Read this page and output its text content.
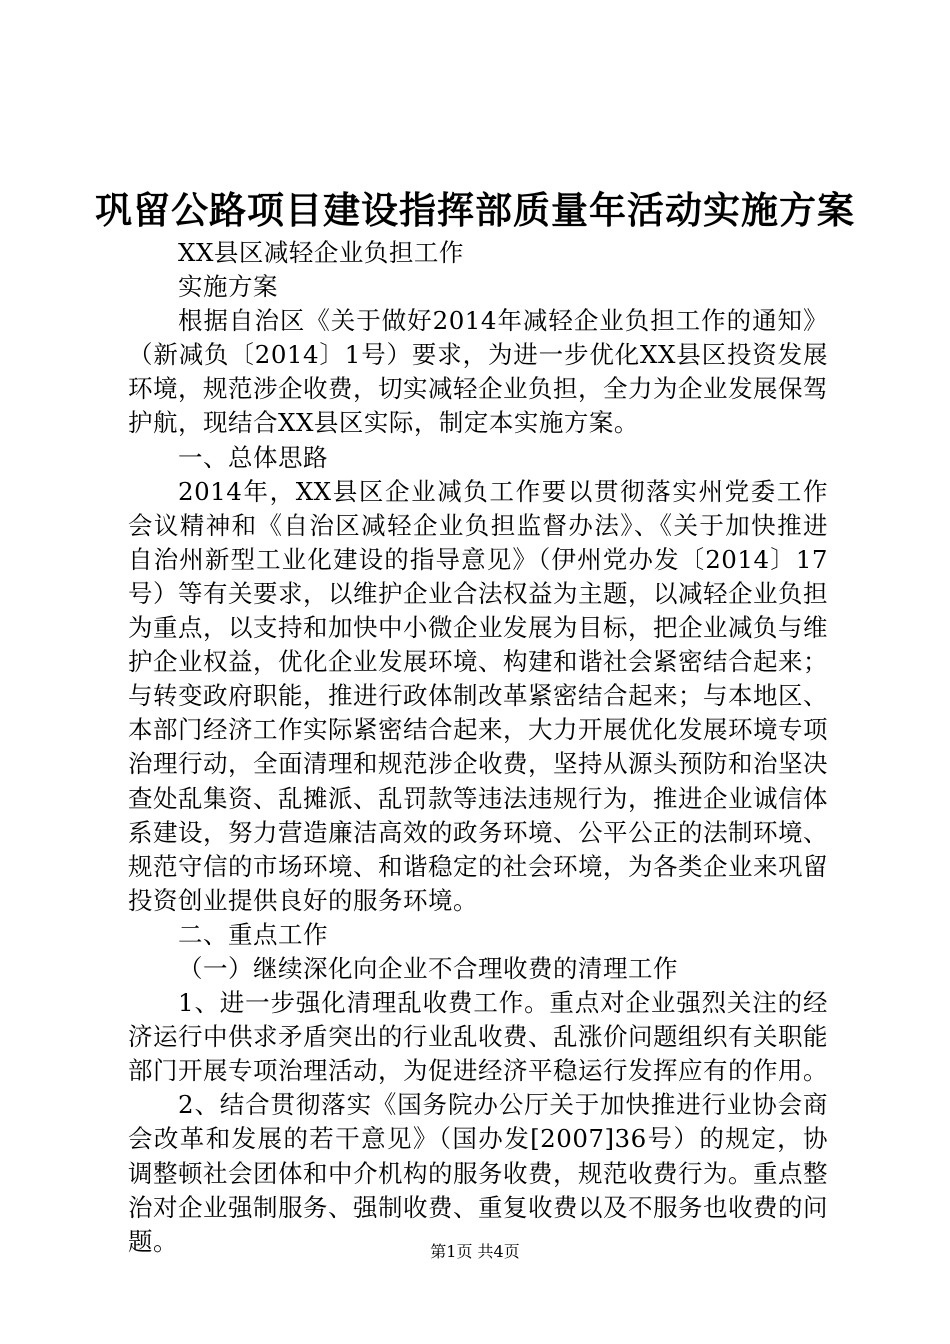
巩留公路项目建设指挥部质量年活动实施方案

XX县区减轻企业负担工作

实施方案

根据自治区《关于做好2014年减轻企业负担工作的通知》（新减负〔2014〕1号）要求，为进一步优化XX县区投资发展环境，规范涉企收费，切实减轻企业负担，全力为企业发展保驾护航，现结合XX县区实际，制定本实施方案。

一、总体思路

2014年，XX县区企业减负工作要以贯彻落实州党委工作会议精神和《自治区减轻企业负担监督办法》、《关于加快推进自治州新型工业化建设的指导意见》（伊州党办发〔2014〕17号）等有关要求，以维护企业合法权益为主题，以减轻企业负担为重点，以支持和加快中小微企业发展为目标，把企业减负与维护企业权益，优化企业发展环境、构建和谐社会紧密结合起来；与转变政府职能，推进行政体制改革紧密结合起来；与本地区、本部门经济工作实际紧密结合起来，大力开展优化发展环境专项治理行动，全面清理和规范涉企收费，坚持从源头预防和治坚决查处乱集资、乱摊派、乱罚款等违法违规行为，推进企业诚信体系建设，努力营造廉洁高效的政务环境、公平公正的法制环境、规范守信的市场环境、和谐稳定的社会环境，为各类企业来巩留投资创业提供良好的服务环境。

二、重点工作

（一）继续深化向企业不合理收费的清理工作

1、进一步强化清理乱收费工作。重点对企业强烈关注的经济运行中供求矛盾突出的行业乱收费、乱涨价问题组织有关职能部门开展专项治理活动，为促进经济平稳运行发挥应有的作用。

2、结合贯彻落实《国务院办公厅关于加快推进行业协会商会改革和发展的若干意见》（国办发[2007]36号）的规定，协调整顿社会团体和中介机构的服务收费，规范收费行为。重点整治对企业强制服务、强制收费、重复收费以及不服务也收费的问题。	第1页 共4页
